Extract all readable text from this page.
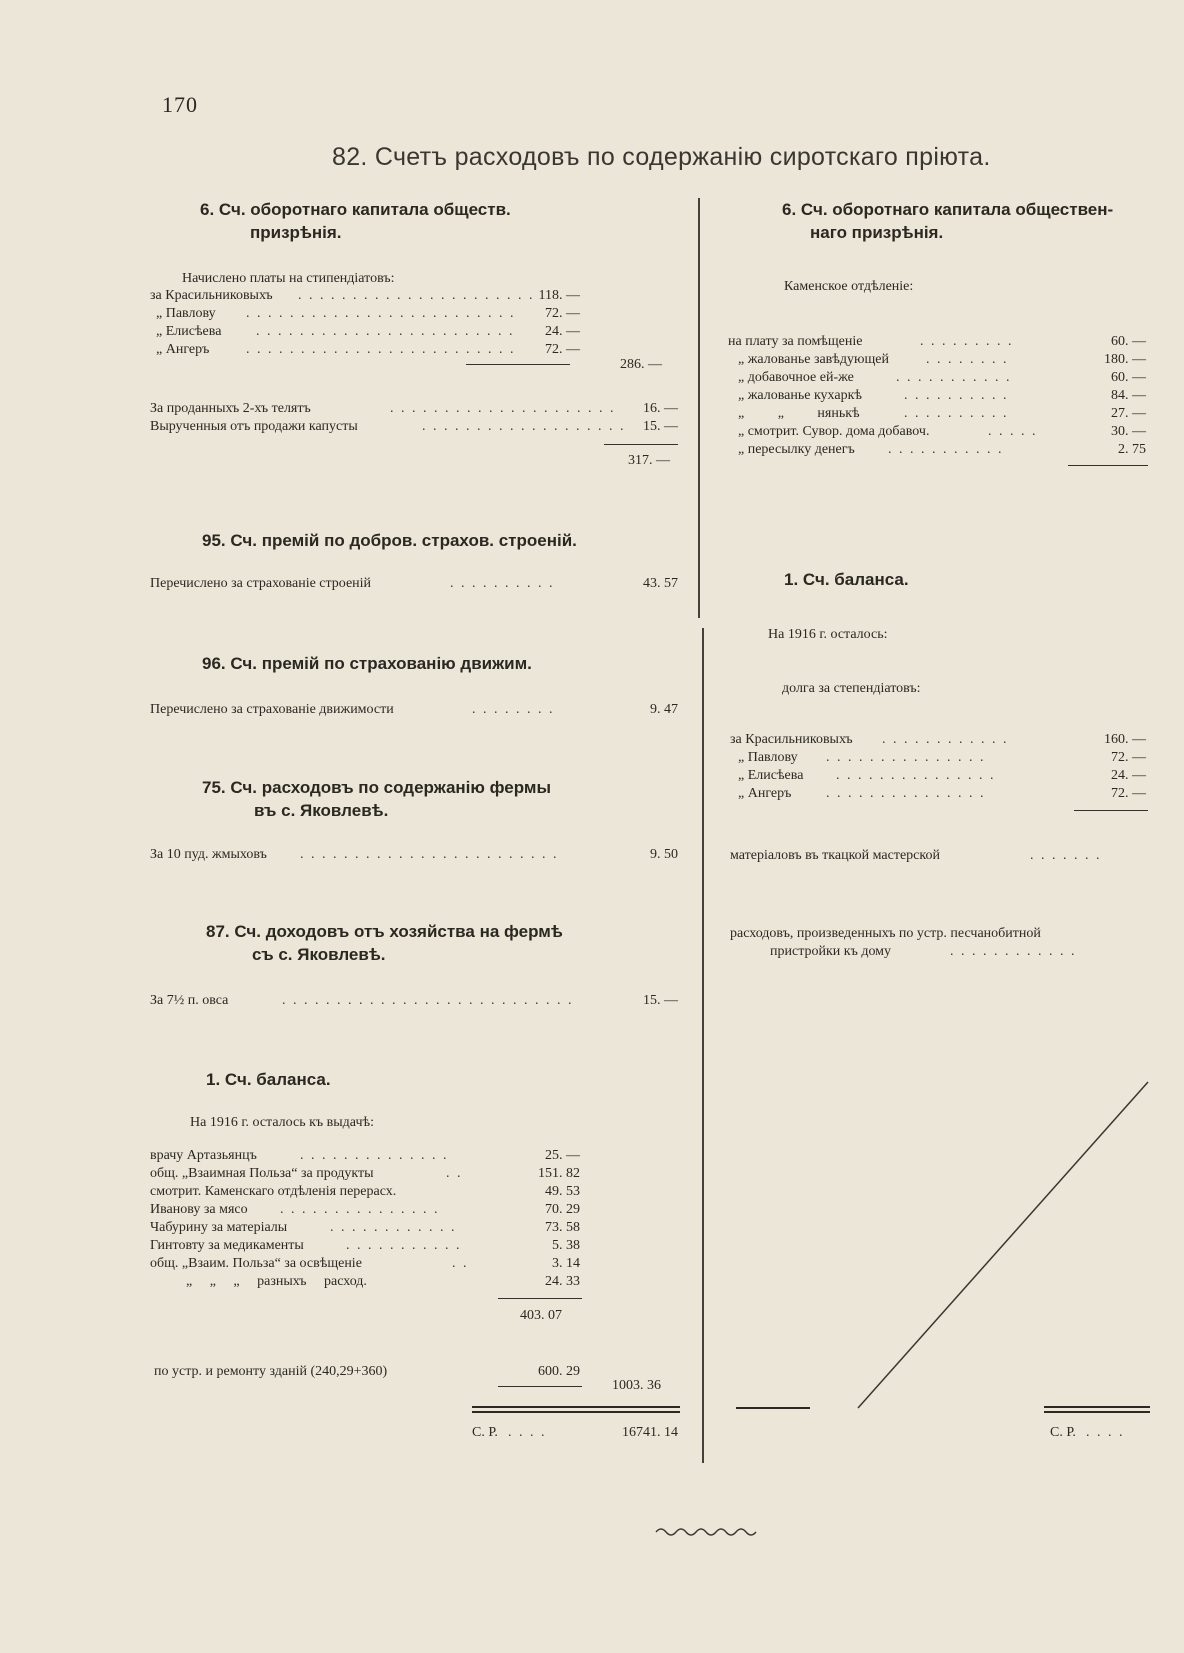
170
82. Счетъ расходовъ по содержанію сиротскаго пріюта.
6. Сч. оборотнаго капитала обществ.
призрѣнія.
Начислено платы на стипендіатовъ:
за Красильниковыхъ . . . . . . . . . . . . . . . . . . . . . . 118. —
„ Павлову . . . . . . . . . . . . . . . . . . . . . . . . .	72. —
„ Елисѣева . . . . . . . . . . . . . . . . . . . . . . . .	24. —
„ Ангеръ	. . . . . . . . . . . . . . . . . . . . . . . . .	72. —
286. —
За проданныхъ 2-хъ телятъ	. . . . . . . . . . . . . . . . . . . . .	16. —
Вырученныя отъ продажи капусты	. . . . . . . . . . . . . . . . . . .	15. —
317. —
95. Сч. премій по добров. страхов. строеній.
Перечислено за страхованіе строеній	. . . . . . . . . .	43. 57
96. Сч. премій по страхованію движим.
Перечислено за страхованіе движимости	. . . . . . . .	9. 47
75. Сч. расходовъ по содержанію фермы
въ с. Яковлевѣ.
За 10 пуд. жмыховъ . . . . . . . . . . . . . . . . . . . . . . . .	9. 50
87. Сч. доходовъ отъ хозяйства на фермѣ
съ с. Яковлевѣ.
За 7½ п. овса	. . . . . . . . . . . . . . . . . . . . . . . . . . .	15. —
1. Сч. баланса.
На 1916 г. осталось къ выдачѣ:
врачу Артазьянцъ	. . . . . . . . . . . . . .	25. —
общ. „Взаимная Польза“ за продукты	. .	151. 82
смотрит. Каменскаго отдѣленія перерасх.	49. 53
Иванову за мясо . . . . . . . . . . . . . . .	70. 29
Чабурину за матеріалы	. . . . . . . . . . . .	73. 58
Гинтовту за медикаменты	. . . . . . . . . . .	5. 38
общ. „Взаим. Польза“ за освѣщеніе	. .	3. 14
„ „ „ разныхъ расход.	24. 33
403. 07
по устр. и ремонту зданій (240,29+360)	600. 29
1003. 36
С. Р. . . . .	16741. 14
6. Сч. оборотнаго капитала обществен-
наго призрѣнія.
Каменское отдѣленіе:
на плату за помѣщеніе	. . . . . . . . .	60. —
„ жалованье завѣдующей	. . . . . . . .	180. —
„ добавочное ей-же	. . . . . . . . . . .	60. —
„ жалованье кухаркѣ	. . . . . . . . . .	84. —
„ „ нянькѣ	. . . . . . . . . .	27. —
„ смотрит. Сувор. дома добавоч.	. . . . .	30. —
„ пересылку денегъ . . . . . . . . . . .	2. 75
1. Сч. баланса.
На 1916 г. осталось:
долга за степендіатовъ:
за Красильниковыхъ . . . . . . . . . . . .	160. —
„ Павлову . . . . . . . . . . . . . . .	72. —
„ Елисѣева . . . . . . . . . . . . . . .	24. —
„ Ангеръ . . . . . . . . . . . . . . .	72. —
матеріаловъ въ ткацкой мастерской	. . . . . . .
расходовъ, произведенныхъ по устр. песчанобитной
пристройки къ дому	. . . . . . . . . . . .
С. Р. . . . .
